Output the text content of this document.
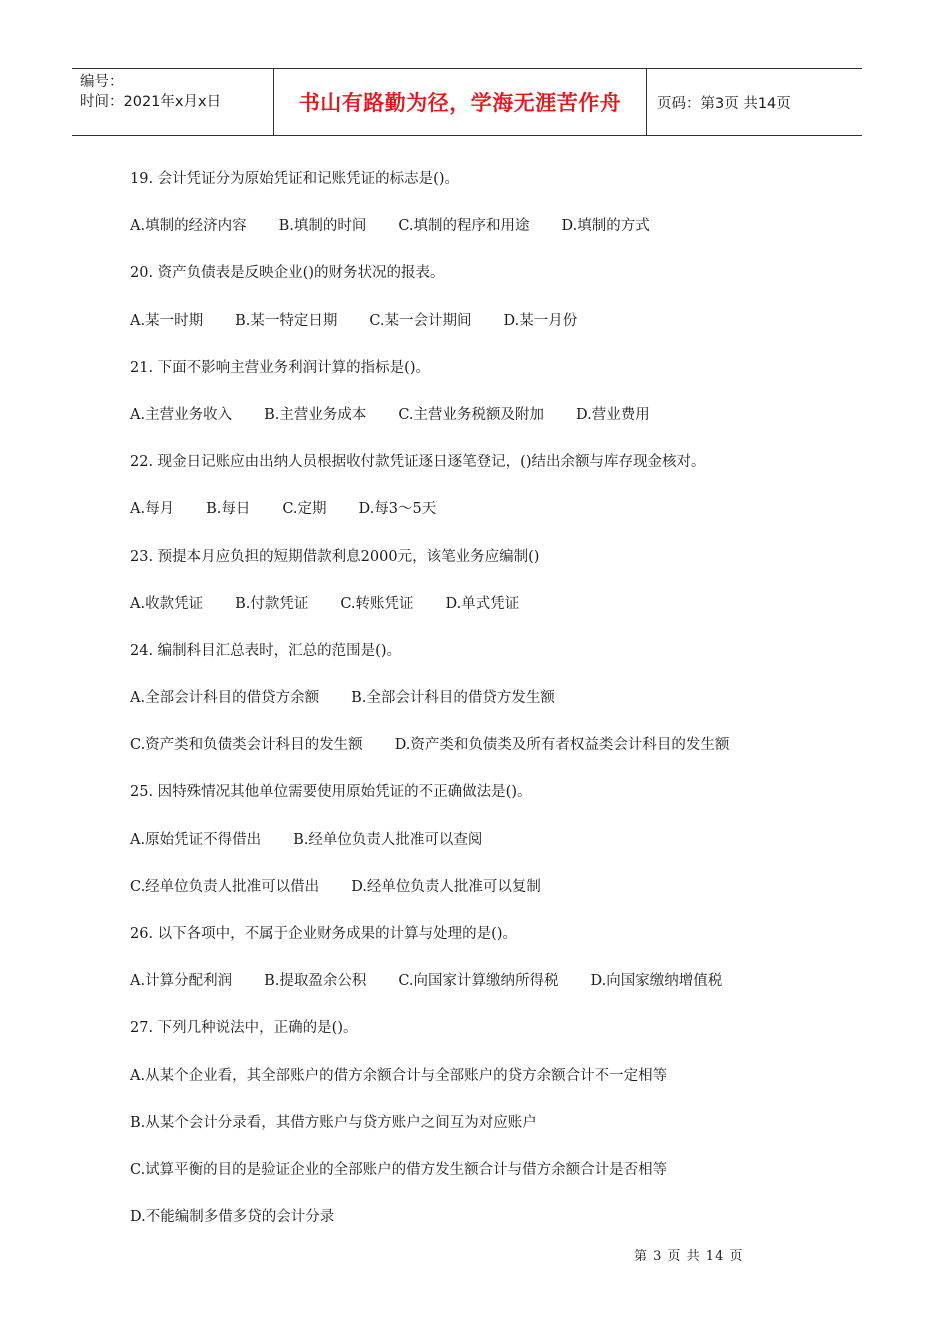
编号：
时间：2021年x月x日	书山有路勤为径，学海无涯苦作舟 页码：第3页 共14页
19. 会计凭证分为原始凭证和记账凭证的标志是()。
A.填制的经济内容 B.填制的时间 C.填制的程序和用途 D.填制的方式
20. 资产负债表是反映企业()的财务状况的报表。
A.某一时期 B.某一特定日期 C.某一会计期间 D.某一月份
21. 下面不影响主营业务利润计算的指标是()。
A.主营业务收入 B.主营业务成本 C.主营业务税额及附加 D.营业费用
22. 现金日记账应由出纳人员根据收付款凭证逐日逐笔登记，()结出余额与库存现金核对。
A.每月 B.每日 C.定期 D.每3～5天
23. 预提本月应负担的短期借款利息2000元，该笔业务应编制()
A.收款凭证 B.付款凭证 C.转账凭证 D.单式凭证
24. 编制科目汇总表时，汇总的范围是()。
A.全部会计科目的借贷方余额 B.全部会计科目的借贷方发生额
C.资产类和负债类会计科目的发生额 D.资产类和负债类及所有者权益类会计科目的发生额
25. 因特殊情况其他单位需要使用原始凭证的不正确做法是()。
A.原始凭证不得借出 B.经单位负责人批准可以查阅
C.经单位负责人批准可以借出 D.经单位负责人批准可以复制
26. 以下各项中，不属于企业财务成果的计算与处理的是()。
A.计算分配利润 B.提取盈余公积 C.向国家计算缴纳所得税 D.向国家缴纳增值税
27. 下列几种说法中，正确的是()。
A.从某个企业看，其全部账户的借方余额合计与全部账户的贷方余额合计不一定相等
B.从某个会计分录看，其借方账户与贷方账户之间互为对应账户
C.试算平衡的目的是验证企业的全部账户的借方发生额合计与借方余额合计是否相等
D.不能编制多借多贷的会计分录
第 3 页 共 14 页
